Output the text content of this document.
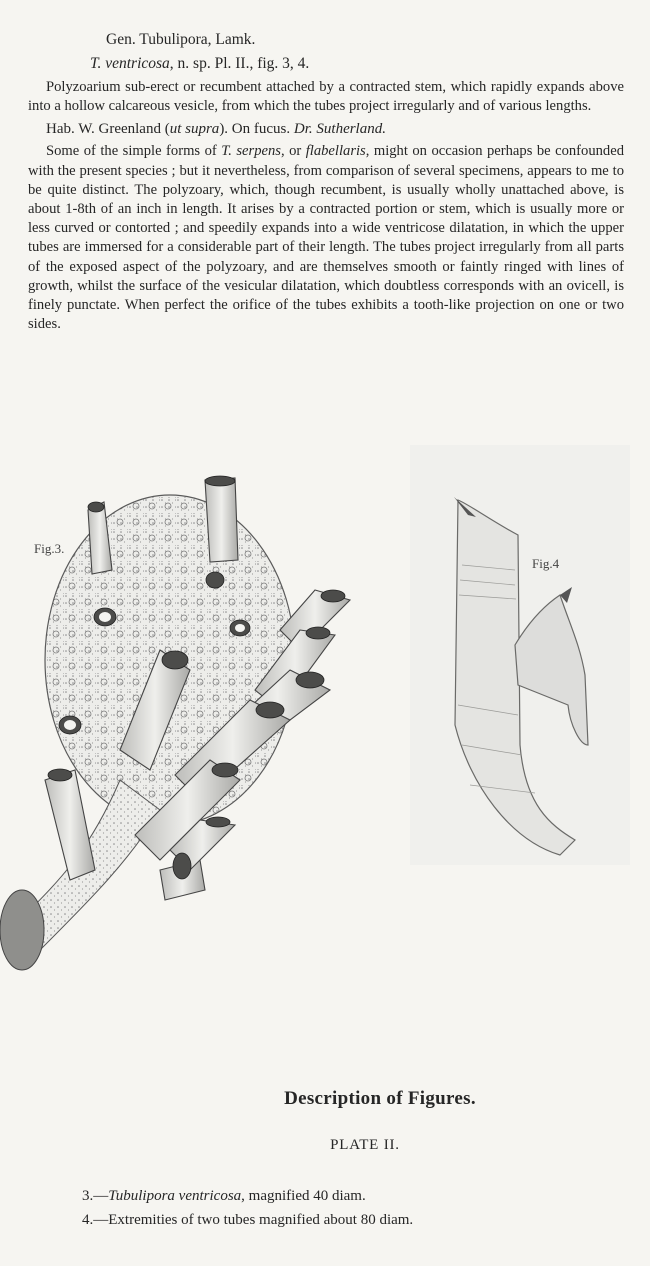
Gen. Tubulipora, Lamk.

T. ventricosa, n. sp. Pl. II., fig. 3, 4.

Polyzoarium sub-erect or recumbent attached by a contracted stem, which rapidly expands above into a hollow calcareous vesicle, from which the tubes project irregularly and of various lengths.

Hab. W. Greenland (ut supra). On fucus. Dr. Sutherland.

Some of the simple forms of T. serpens, or flabellaris, might on occasion perhaps be confounded with the present species ; but it nevertheless, from comparison of several specimens, appears to me to be quite distinct. The polyzoary, which, though recumbent, is usually wholly unattached above, is about 1-8th of an inch in length. It arises by a contracted portion or stem, which is usually more or less curved or contorted ; and speedily expands into a wide ventricose dilatation, in which the upper tubes are immersed for a considerable part of their length. The tubes project irregularly from all parts of the exposed aspect of the polyzoary, and are themselves smooth or faintly ringed with lines of growth, whilst the surface of the vesicular dilatation, which doubtless corresponds with an ovicell, is finely punctate. When perfect the orifice of the tubes exhibits a tooth-like projection on one or two sides.

Fig.3.
Fig.4
Description of Figures.
PLATE II.
3.—Tubulipora ventricosa, magnified 40 diam.
4.—Extremities of two tubes magnified about 80 diam.
